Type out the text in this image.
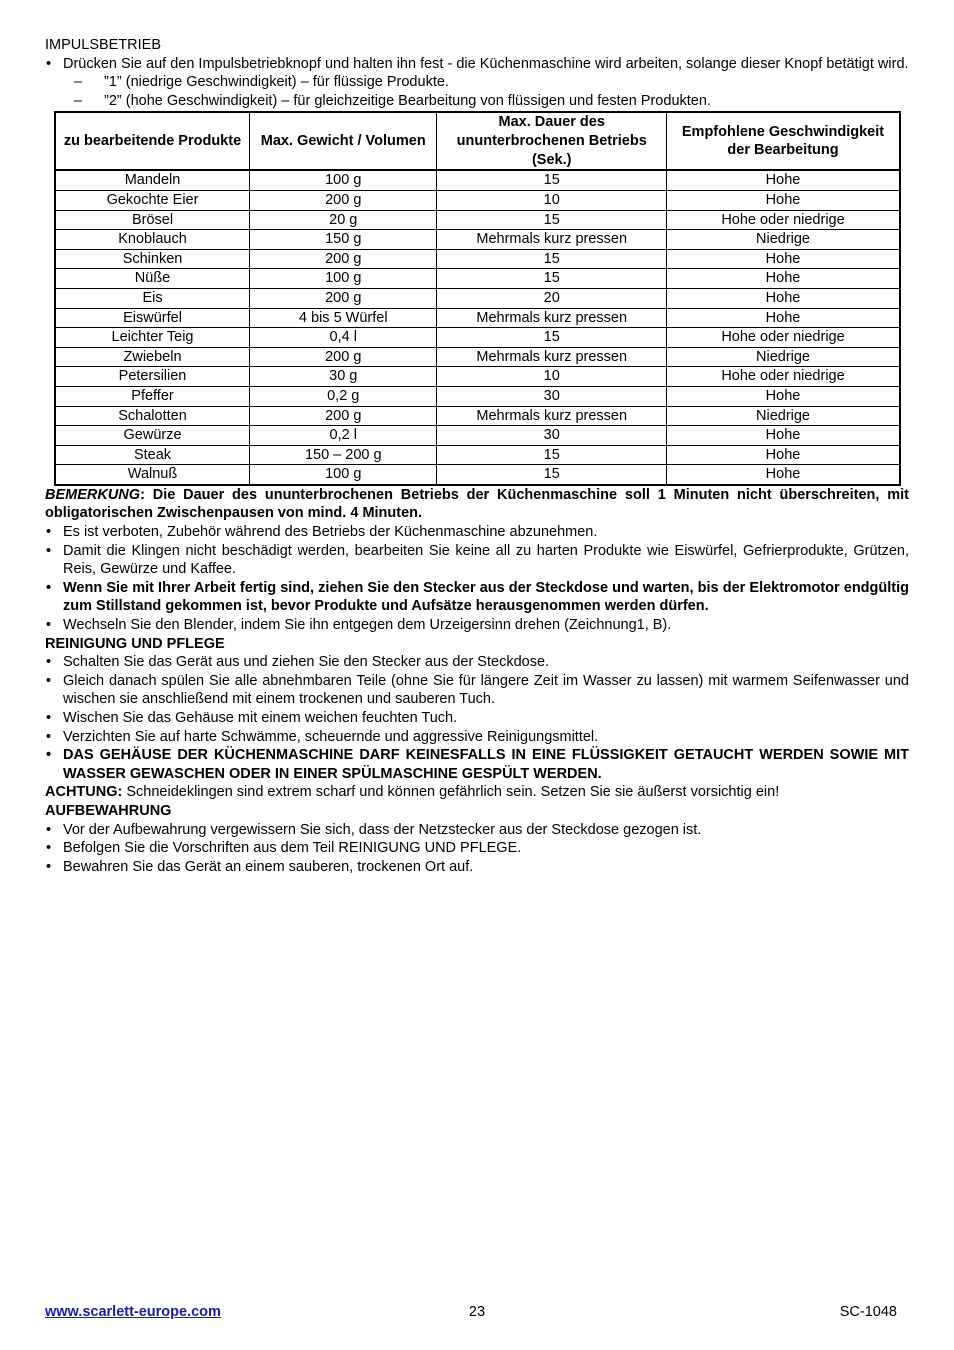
IMPULSBETRIEB

• Drücken Sie auf den Impulsbetriebknopf und halten ihn fest - die Küchenmaschine wird arbeiten, solange dieser Knopf betätigt wird.
– ”1” (niedrige Geschwindigkeit) – für flüssige Produkte.
– ”2” (hohe Geschwindigkeit) – für gleichzeitige Bearbeitung von flüssigen und festen Produkten.
zu bearbeitende Produkte	Max. Gewicht / Volumen	Max. Dauer des ununterbrochenen Betriebs (Sek.)	Empfohlene Geschwindigkeit der Bearbeitung
Mandeln	100 g	15	Hohe
Gekochte Eier	200 g	10	Hohe
Brösel	20 g	15	Hohe oder niedrige
Knoblauch	150 g	Mehrmals kurz pressen	Niedrige
Schinken	200 g	15	Hohe
Nüße	100 g	15	Hohe
Eis	200 g	20	Hohe
Eiswürfel	4 bis 5 Würfel	Mehrmals kurz pressen	Hohe
Leichter Teig	0,4 l	15	Hohe oder niedrige
Zwiebeln	200 g	Mehrmals kurz pressen	Niedrige
Petersilien	30 g	10	Hohe oder niedrige
Pfeffer	0,2 g	30	Hohe
Schalotten	200 g	Mehrmals kurz pressen	Niedrige
Gewürze	0,2 l	30	Hohe
Steak	150 – 200 g	15	Hohe
Walnuß	100 g	15	Hohe

BEMERKUNG: Die Dauer des ununterbrochenen Betriebs der Küchenmaschine soll 1 Minuten nicht überschreiten, mit obligatorischen Zwischenpausen von mind. 4 Minuten.

• Es ist verboten, Zubehör während des Betriebs der Küchenmaschine abzunehmen.
• Damit die Klingen nicht beschädigt werden, bearbeiten Sie keine all zu harten Produkte wie Eiswürfel, Gefrierprodukte, Grützen, Reis, Gewürze und Kaffee.
• Wenn Sie mit Ihrer Arbeit fertig sind, ziehen Sie den Stecker aus der Steckdose und warten, bis der Elektromotor endgültig zum Stillstand gekommen ist, bevor Produkte und Aufsätze herausgenommen werden dürfen.
• Wechseln Sie den Blender, indem Sie ihn entgegen dem Urzeigersinn drehen (Zeichnung1, B).

REINIGUNG UND PFLEGE

• Schalten Sie das Gerät aus und ziehen Sie den Stecker aus der Steckdose.
• Gleich danach spülen Sie alle abnehmbaren Teile (ohne Sie für längere Zeit im Wasser zu lassen) mit warmem Seifenwasser und wischen sie anschließend mit einem trockenen und sauberen Tuch.
• Wischen Sie das Gehäuse mit einem weichen feuchten Tuch.
• Verzichten Sie auf harte Schwämme, scheuernde und aggressive Reinigungsmittel.
• DAS GEHÄUSE DER KÜCHENMASCHINE DARF KEINESFALLS IN EINE FLÜSSIGKEIT GETAUCHT WERDEN SOWIE MIT WASSER GEWASCHEN ODER IN EINER SPÜLMASCHINE GESPÜLT WERDEN.

ACHTUNG: Schneideklingen sind extrem scharf und können gefährlich sein. Setzen Sie sie äußerst vorsichtig ein!

AUFBEWAHRUNG

• Vor der Aufbewahrung vergewissern Sie sich, dass der Netzstecker aus der Steckdose gezogen ist.
• Befolgen Sie die Vorschriften aus dem Teil REINIGUNG UND PFLEGE.
• Bewahren Sie das Gerät an einem sauberen, trockenen Ort auf.
www.scarlett-europe.com	23	SC-1048
